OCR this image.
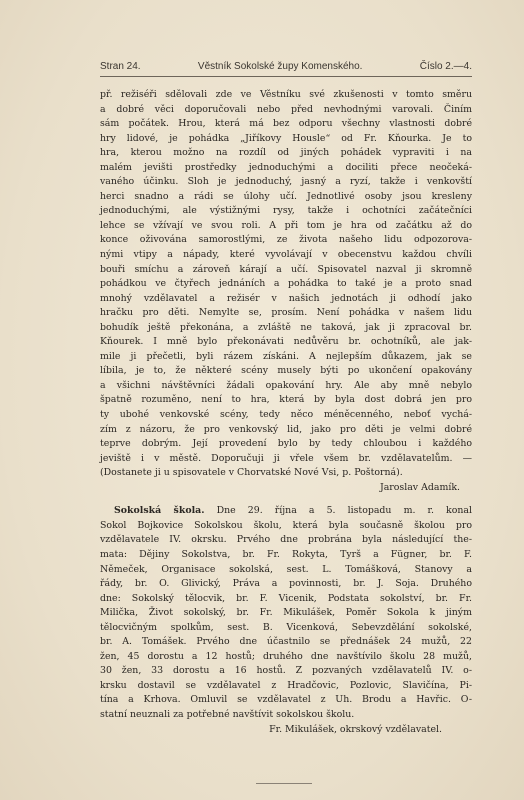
Stran 24.	Věstník Sokolské župy Komenského.	Číslo 2.—4.
př. režiséři sdělovali zde ve Věstníku své zkušenosti v tomto směru
a dobré věci doporučovali nebo před nevhodnými varovali. Činím
sám počátek. Hrou, která má bez odporu všechny vlastnosti dobré
hry lidové, je pohádka „Jiříkovy Housle“ od Fr. Kňourka. Je to
hra, kterou možno na rozdíl od jiných pohádek vypraviti i na
malém jevišti prostředky jednoduchými a dociliti přece neočeká-
vaného účinku. Sloh je jednoduchý, jasný a ryzí, takže i venkovští
herci snadno a rádi se úlohy učí. Jednotlivé osoby jsou kresleny
jednoduchými, ale výstižnými rysy, takže i ochotníci začátečníci
lehce se vžívají ve svou roli. A při tom je hra od začátku až do
konce oživována samorostlými, ze života našeho lidu odpozorova-
nými vtipy a nápady, které vyvolávají v obecenstvu každou chvíli
bouři smíchu a zároveň kárají a učí. Spisovatel nazval ji skromně
pohádkou ve čtyřech jednáních a pohádka to také je a proto snad
mnohý vzdělavatel a režisér v našich jednotách ji odhodí jako
hračku pro děti. Nemylte se, prosím. Není pohádka v našem lidu
bohudík ještě překonána, a zvláště ne taková, jak ji zpracoval br.
Kňourek. I mně bylo překonávati nedůvěru br. ochotníků, ale jak-
mile ji přečetli, byli rázem získáni. A nejlepším důkazem, jak se
líbila, je to, že některé scény musely býti po ukončení opakovány
a všichni návštěvníci žádali opakování hry. Ale aby mně nebylo
špatně rozuměno, není to hra, která by byla dost dobrá jen pro
ty ubohé venkovské scény, tedy něco méněcenného, neboť vychá-
zím z názoru, že pro venkovský lid, jako pro děti je velmi dobré
teprve dobrým. Její provedení bylo by tedy chloubou i každého
jeviště i v městě. Doporučuji ji vřele všem br. vzdělavatelům. —
(Dostanete ji u spisovatele v Chorvatské Nové Vsi, p. Poštorná).
Jaroslav Adamík.
Sokolská škola. Dne 29. října a 5. listopadu m. r. konal
Sokol Bojkovice Sokolskou školu, která byla současně školou pro
vzdělavatele IV. okrsku. Prvého dne probrána byla následující the-
mata: Dějiny Sokolstva, br. Fr. Rokyta, Tyrš a Fügner, br. F.
Němeček, Organisace sokolská, sest. L. Tomášková, Stanovy a
řády, br. O. Glivický, Práva a povinnosti, br. J. Soja. Druhého
dne: Sokolský tělocvik, br. F. Vicenik, Podstata sokolství, br. Fr.
Milička, Život sokolský, br. Fr. Mikulášek, Poměr Sokola k jiným
tělocvičným spolkům, sest. B. Vicenková, Sebevzdělání sokolské,
br. A. Tomášek. Prvého dne účastnilo se přednášek 24 mužů, 22
žen, 45 dorostu a 12 hostů; druhého dne navštívilo školu 28 mužů,
30 žen, 33 dorostu a 16 hostů. Z pozvaných vzdělavatelů IV. o-
krsku dostavil se vzdělavatel z Hradčovic, Pozlovic, Slavičína, Pi-
tína a Krhova. Omluvil se vzdělavatel z Uh. Brodu a Havřic. O-
statní neuznali za potřebné navštívit sokolskou školu.
Fr. Mikulášek, okrskový vzdělavatel.
